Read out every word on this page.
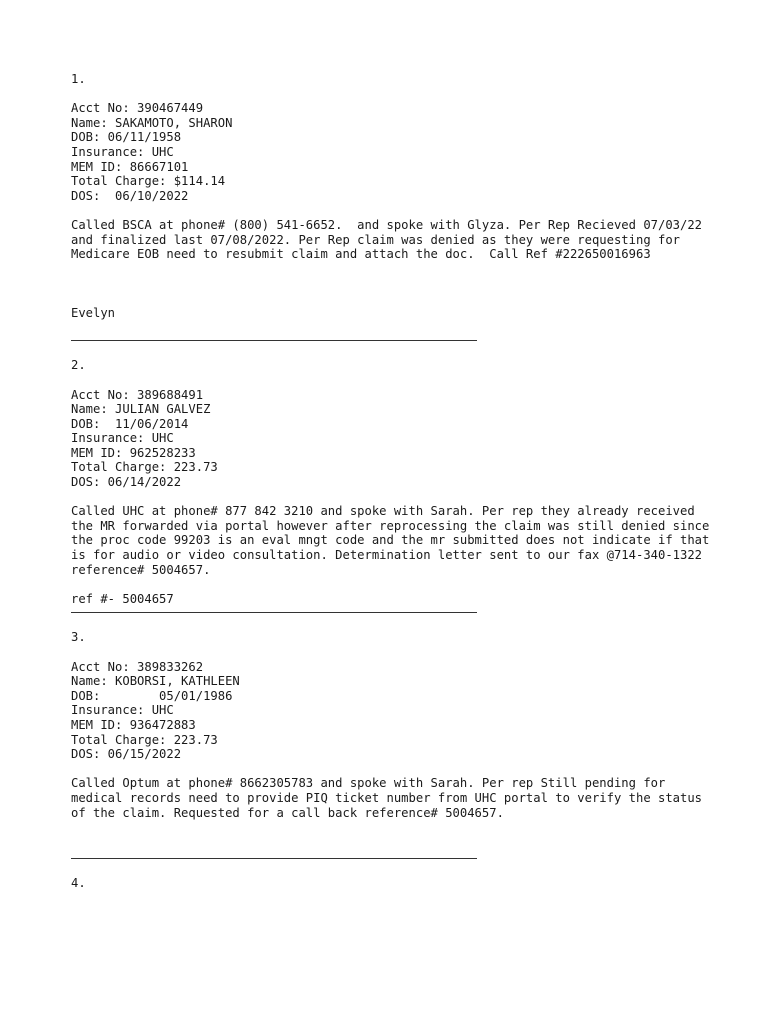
1.
Acct No: 390467449
Name: SAKAMOTO, SHARON
DOB: 06/11/1958
Insurance: UHC
MEM ID: 86667101
Total Charge: $114.14
DOS:  06/10/2022
Called BSCA at phone# (800) 541-6652.  and spoke with Glyza. Per Rep Recieved 07/03/22 and finalized last 07/08/2022. Per Rep claim was denied as they were requesting for Medicare EOB need to resubmit claim and attach the doc.  Call Ref #222650016963
Evelyn
2.
Acct No: 389688491
Name: JULIAN GALVEZ
DOB:  11/06/2014
Insurance: UHC
MEM ID: 962528233
Total Charge: 223.73
DOS: 06/14/2022
Called UHC at phone# 877 842 3210 and spoke with Sarah. Per rep they already received the MR forwarded via portal however after reprocessing the claim was still denied since the proc code 99203 is an eval mngt code and the mr submitted does not indicate if that is for audio or video consultation. Determination letter sent to our fax @714-340-1322  reference# 5004657.
ref #- 5004657
3.
Acct No: 389833262
Name: KOBORSI, KATHLEEN
DOB:        05/01/1986
Insurance: UHC
MEM ID: 936472883
Total Charge: 223.73
DOS: 06/15/2022
Called Optum at phone# 8662305783 and spoke with Sarah. Per rep Still pending for medical records need to provide PIQ ticket number from UHC portal to verify the status of the claim. Requested for a call back reference# 5004657.
4.
